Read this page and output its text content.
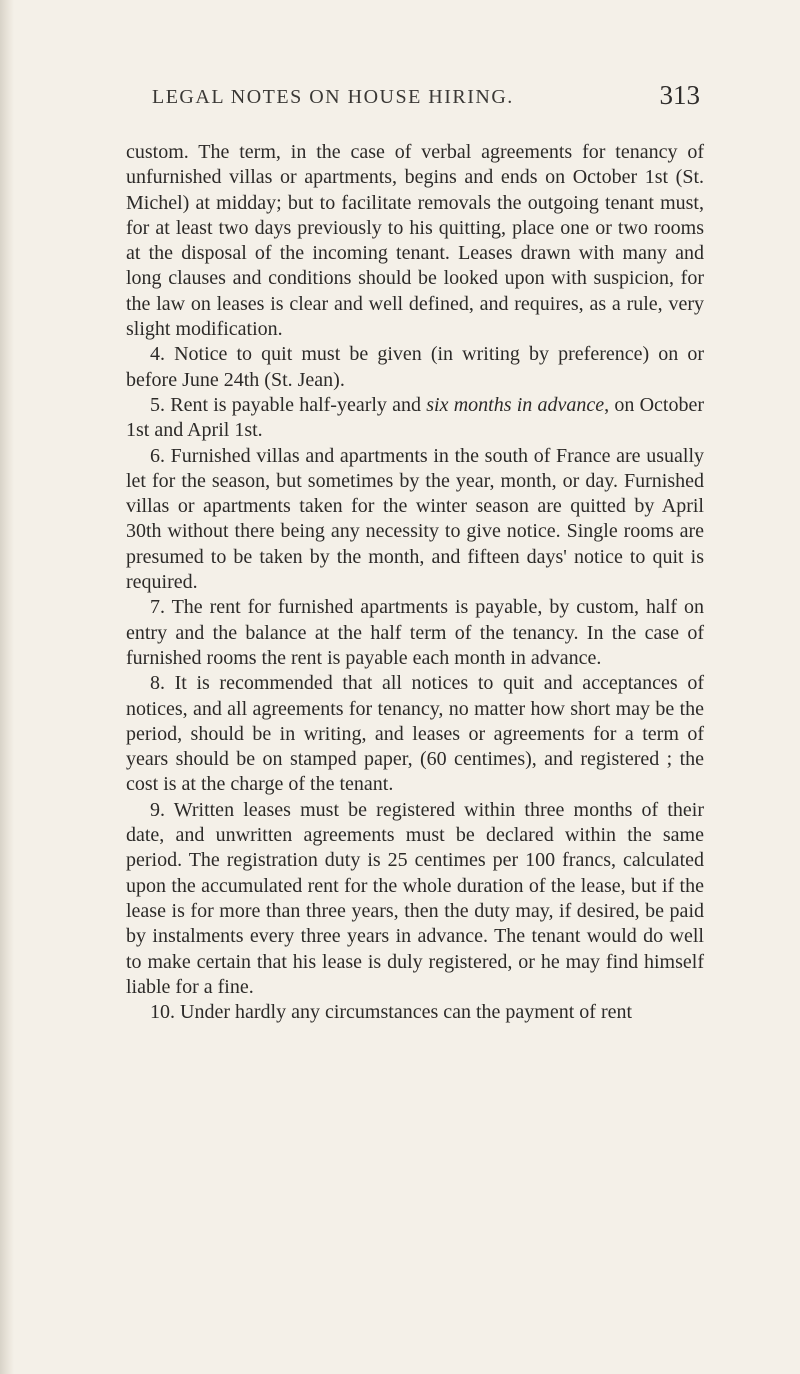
LEGAL NOTES ON HOUSE HIRING.	313

custom. The term, in the case of verbal agreements for tenancy of unfurnished villas or apartments, begins and ends on October 1st (St. Michel) at midday; but to facilitate removals the outgoing tenant must, for at least two days previously to his quitting, place one or two rooms at the disposal of the incoming tenant. Leases drawn with many and long clauses and conditions should be looked upon with suspicion, for the law on leases is clear and well defined, and requires, as a rule, very slight modification.

4. Notice to quit must be given (in writing by preference) on or before June 24th (St. Jean).

5. Rent is payable half-yearly and six months in advance, on October 1st and April 1st.

6. Furnished villas and apartments in the south of France are usually let for the season, but sometimes by the year, month, or day. Furnished villas or apartments taken for the winter season are quitted by April 30th without there being any necessity to give notice. Single rooms are presumed to be taken by the month, and fifteen days' notice to quit is required.

7. The rent for furnished apartments is payable, by custom, half on entry and the balance at the half term of the tenancy. In the case of furnished rooms the rent is payable each month in advance.

8. It is recommended that all notices to quit and acceptances of notices, and all agreements for tenancy, no matter how short may be the period, should be in writing, and leases or agreements for a term of years should be on stamped paper, (60 centimes), and registered ; the cost is at the charge of the tenant.

9. Written leases must be registered within three months of their date, and unwritten agreements must be declared within the same period. The registration duty is 25 centimes per 100 francs, calculated upon the accumulated rent for the whole duration of the lease, but if the lease is for more than three years, then the duty may, if desired, be paid by instalments every three years in advance. The tenant would do well to make certain that his lease is duly registered, or he may find himself liable for a fine.

10. Under hardly any circumstances can the payment of rent
